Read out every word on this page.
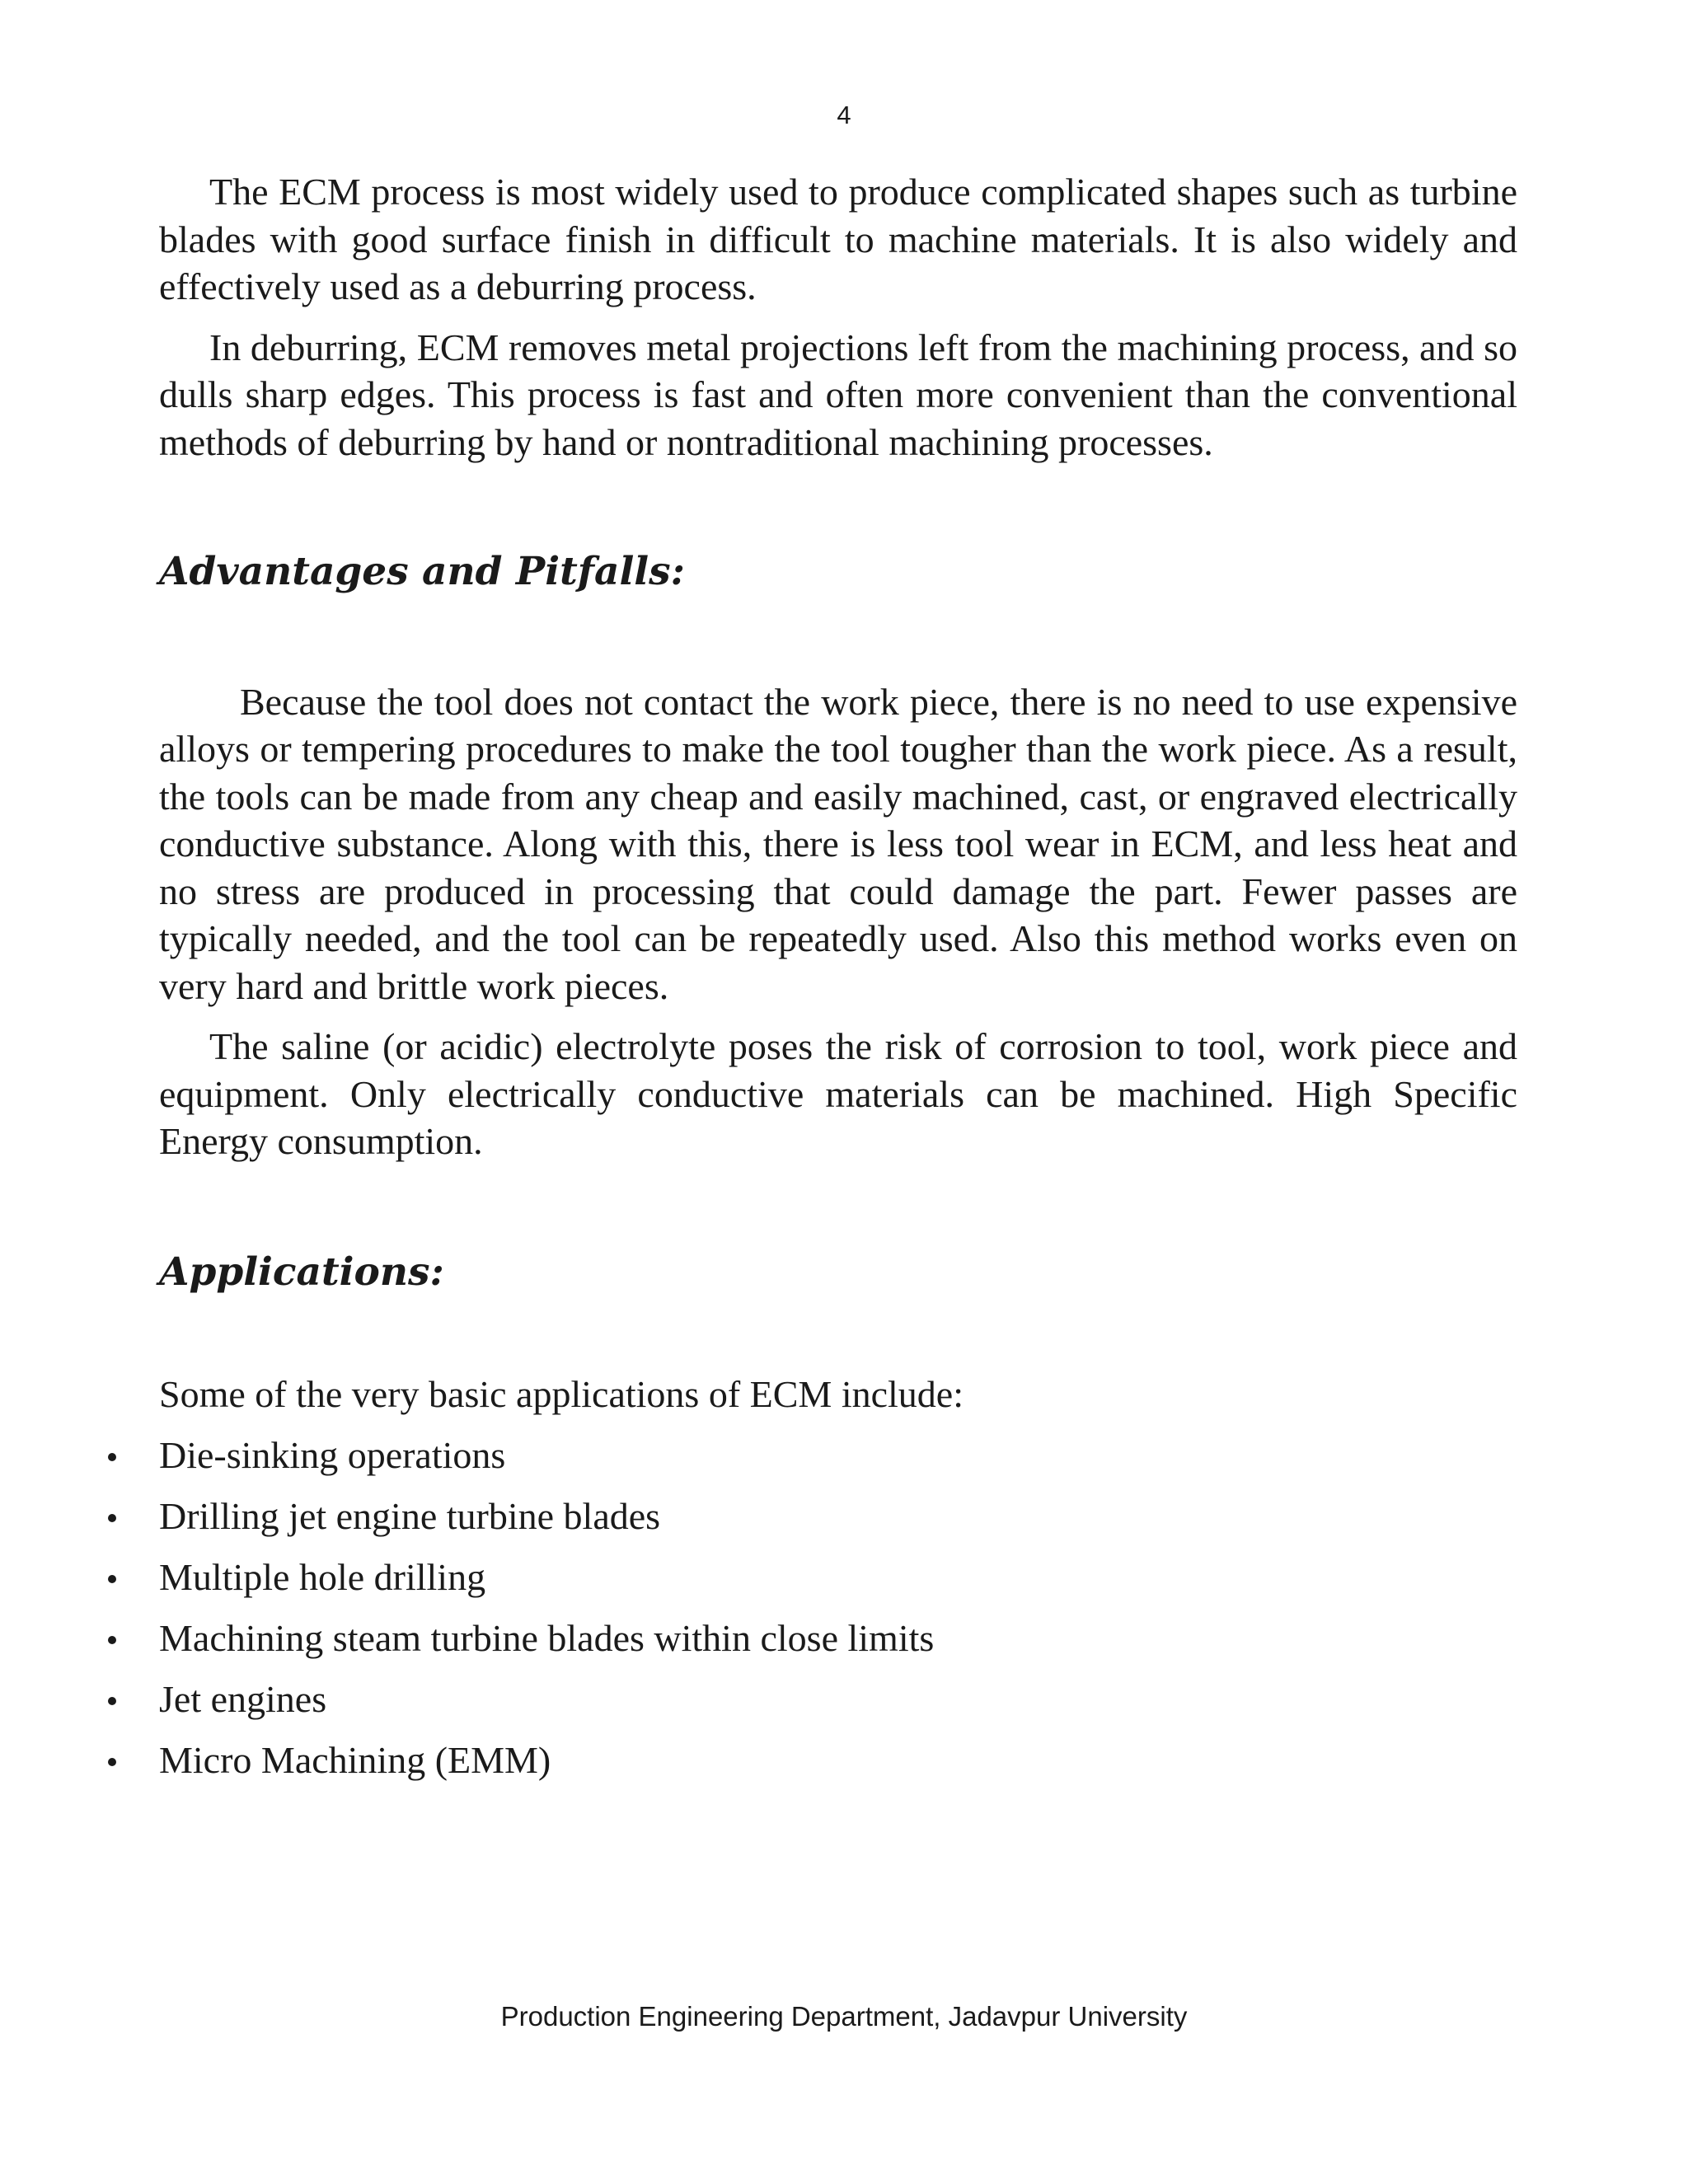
4

The ECM process is most widely used to produce complicated shapes such as turbine blades with good surface finish in difficult to machine materials. It is also widely and effectively used as a deburring process.

In deburring, ECM removes metal projections left from the machining process, and so dulls sharp edges. This process is fast and often more convenient than the conventional methods of deburring by hand or nontraditional machining processes.

Advantages and Pitfalls:

Because the tool does not contact the work piece, there is no need to use expensive alloys or tempering procedures to make the tool tougher than the work piece. As a result, the tools can be made from any cheap and easily machined, cast, or engraved electrically conductive substance. Along with this, there is less tool wear in ECM, and less heat and no stress are produced in processing that could damage the part. Fewer passes are typically needed, and the tool can be repeatedly used. Also this method works even on very hard and brittle work pieces.

The saline (or acidic) electrolyte poses the risk of corrosion to tool, work piece and equipment. Only electrically conductive materials can be machined. High Specific Energy consumption.

Applications:

Some of the very basic applications of ECM include:

Die-sinking operations
Drilling jet engine turbine blades
Multiple hole drilling
Machining steam turbine blades within close limits
Jet engines
Micro Machining (EMM)
Production Engineering Department, Jadavpur University
